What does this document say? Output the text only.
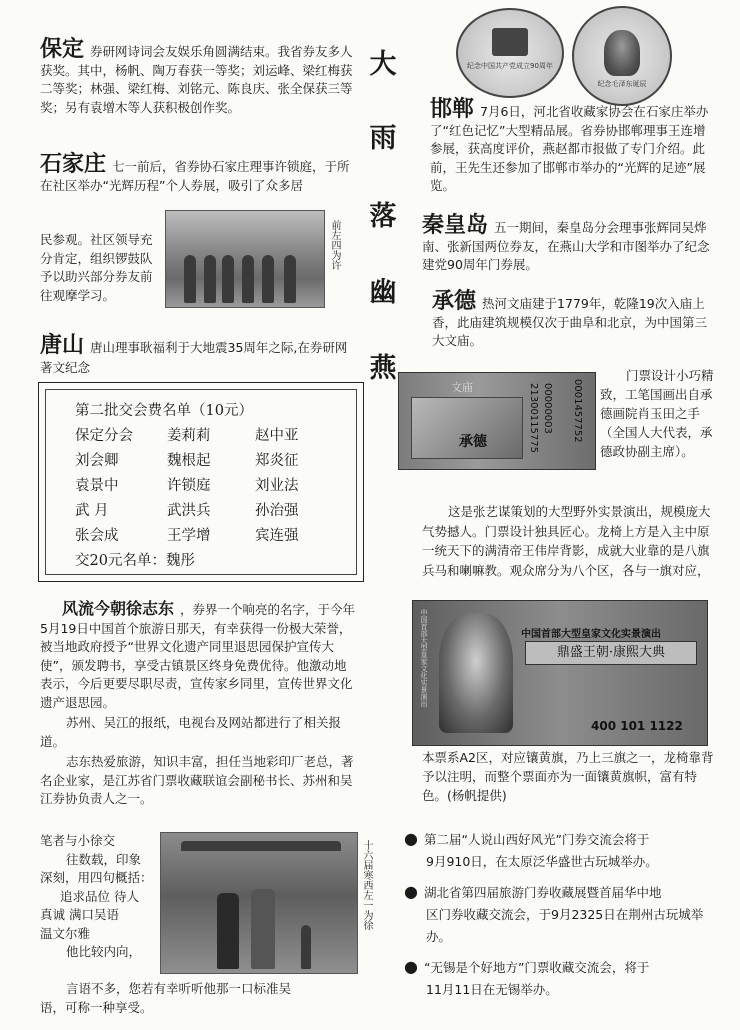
保定 券研网诗词会友娱乐角圆满结束。我省券友多人获奖。其中，杨帆、陶万春获一等奖；刘运峰、梁红梅获二等奖；林强、梁红梅、刘铭元、陈良庆、张全保获三等奖；另有袁增木等人获积极创作奖。

石家庄 七一前后，省券协石家庄理事许锁庭，于所在社区举办“光辉历程”个人券展，吸引了众多居

民参观。社区领导充分肯定，组织锣鼓队予以助兴部分券友前往观摩学习。

前左四为许

唐山 唐山理事耿福利于大地震35周年之际,在券研网著文纪念

第二批交会费名单（10元）
保定分会 姜莉莉	赵中亚
刘会卿	魏根起	郑炎征
袁景中	许锁庭	刘业法
武 月	武洪兵	孙治强
张会成	王学增	宾连强
交20元名单：魏彤

风流今朝徐志东 ，券界一个响亮的名字，于今年5月19日中国首个旅游日那天，有幸获得一份极大荣誉，被当地政府授予“世界文化遗产同里退思园保护宣传大使”，颁发聘书，享受古镇景区终身免费优待。他激动地表示，今后更要尽职尽责，宣传家乡同里，宣传世界文化遗产退思园。

苏州、吴江的报纸，电视台及网站都进行了相关报道。

志东热爱旅游，知识丰富，担任当地彩印厂老总，著名企业家，是江苏省门票收藏联谊会副秘书长、苏州和吴江券协负责人之一。

笔者与小徐交

往数载，印象

深刻，用四句概括：

追求品位 待人

真诚 满口吴语

温文尔雅

他比较内向，

言语不多，您若有幸听听他那一口标准吴

语，可称一种享受。

十六届寒西左一为徐
大
雨
落
幽
燕
纪念中国共产党成立90周年
纪念毛泽东诞辰

邯郸 7月6日，河北省收藏家协会在石家庄举办了“红色记忆”大型精品展。省券协邯郸理事王连增参展，获高度评价，燕赵都市报做了专门介绍。此前，王先生还参加了邯郸市举办的“光辉的足迹”展览。

秦皇岛 五一期间，秦皇岛分会理事张辉同吴烨南、张新国两位券友，在燕山大学和市图举办了纪念建党90周年门券展。

承德 热河文庙建于1779年，乾隆19次入庙上香，此庙建筑规模仅次于曲阜和北京，为中国第三大文庙。

文庙
承德	21300115775 00000003 0001457752

门票设计小巧精致，工笔国画出自承德画院肖玉田之手（全国人大代表，承德政协副主席）。

这是张艺谋策划的大型野外实景演出，规模庞大气势撼人。门票设计独具匠心。龙椅上方是入主中原一统天下的满清帝王伟岸背影，成就大业靠的是八旗兵马和喇嘛教。观众席分为八个区，各与一旗对应，

中国首部大型皇家文化实景演出	中国首部大型皇家文化实景演出
鼎盛王朝·康熙大典
400 101 1122

本票系A2区，对应镶黄旗，乃上三旗之一，龙椅靠背予以注明，而整个票面亦为一面镶黄旗帜，富有特色。(杨帆提供)

● 第二届“人说山西好风光”门券交流会将于

9月910日，在太原泛华盛世古玩城举办。

● 湖北省第四届旅游门券收藏展暨首届华中地

区门券收藏交流会，于9月2325日在荆州古玩城举办。

● “无锡是个好地方”门票收藏交流会，将于

11月11日在无锡举办。
